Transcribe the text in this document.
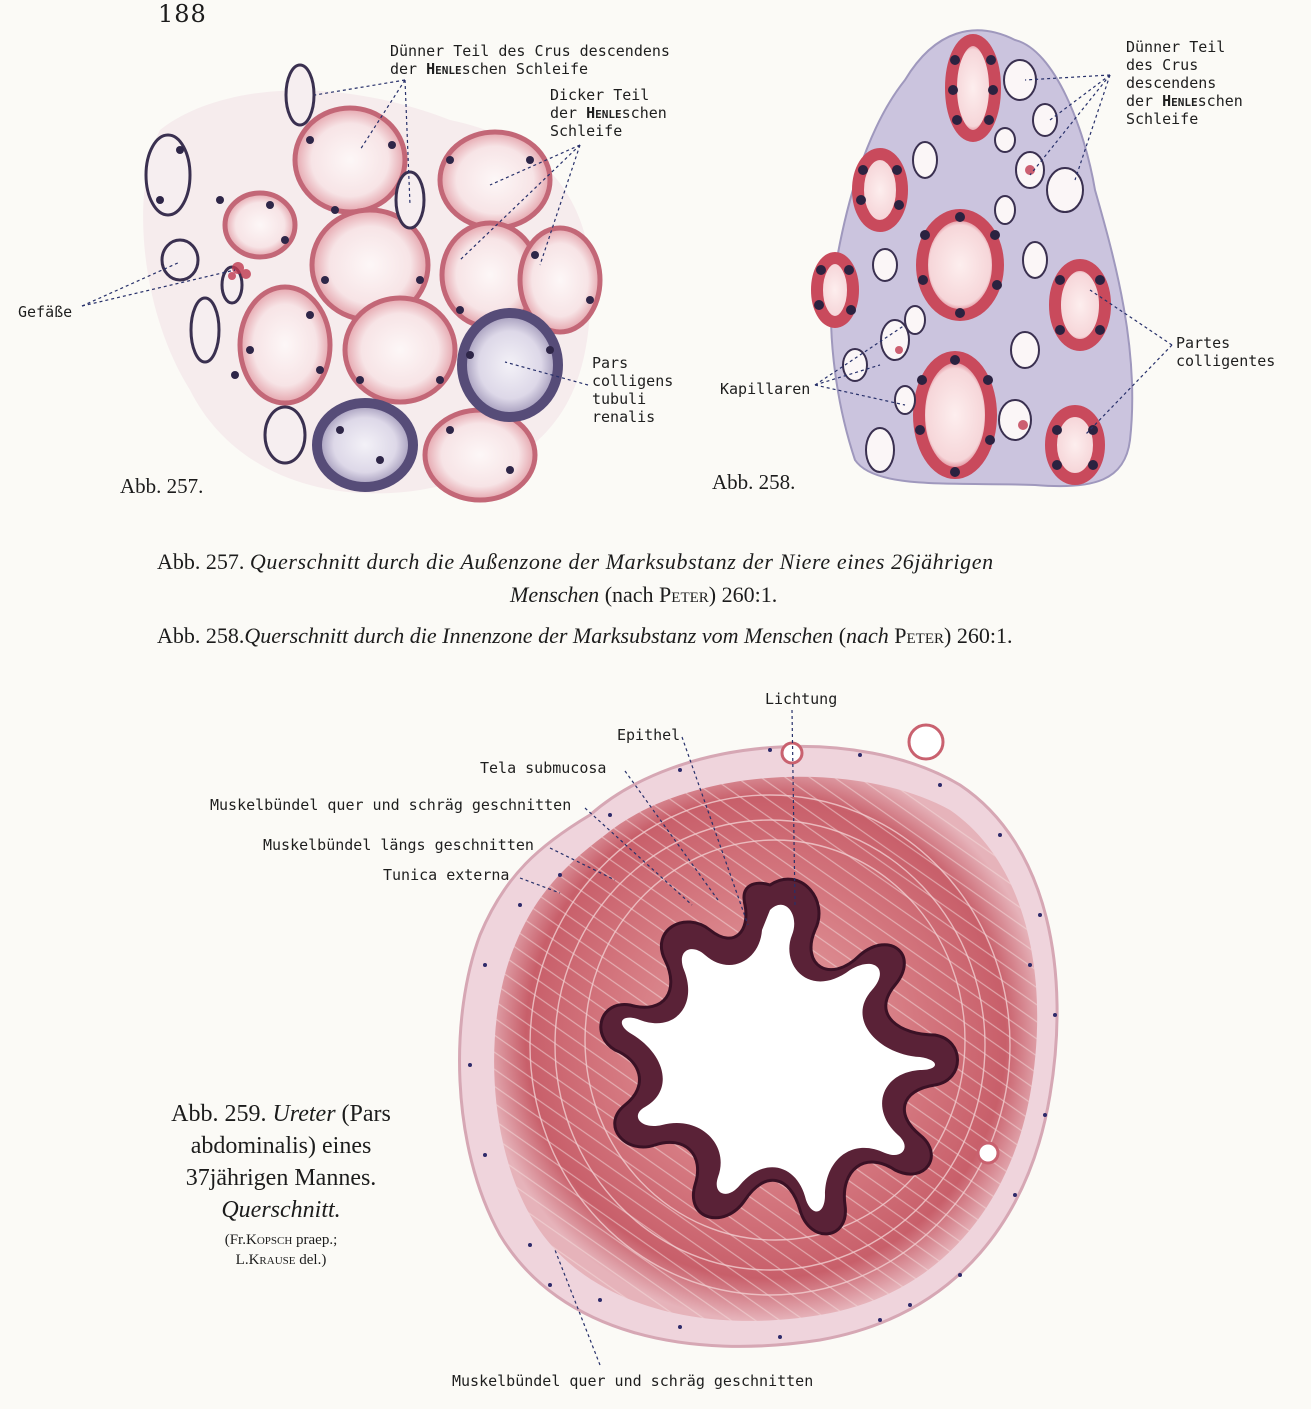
188
Dünner Teil des Crus descendens
der Henleschen Schleife
Dicker Teil
der Henleschen
Schleife
Gefäße
Pars
colligens
tubuli
renalis
Abb. 257.
Dünner Teil
des Crus
descendens
der Henleschen
Schleife
Partes
colligentes
Kapillaren
Abb. 258.
Abb. 257. Querschnitt durch die Außenzone der Marksubstanz der Niere eines 26jährigen
Menschen (nach Peter) 260:1.
Abb. 258.Querschnitt durch die Innenzone der Marksubstanz vom Menschen (nach Peter) 260:1.
Lichtung
Epithel
Tela submucosa
Muskelbündel quer und schräg geschnitten
Muskelbündel längs geschnitten
Tunica externa
Muskelbündel quer und schräg geschnitten
Abb. 259. Ureter (Pars
abdominalis) eines
37jährigen Mannes.
Querschnitt.
(Fr.Kopsch praep.;
L.Krause del.)
